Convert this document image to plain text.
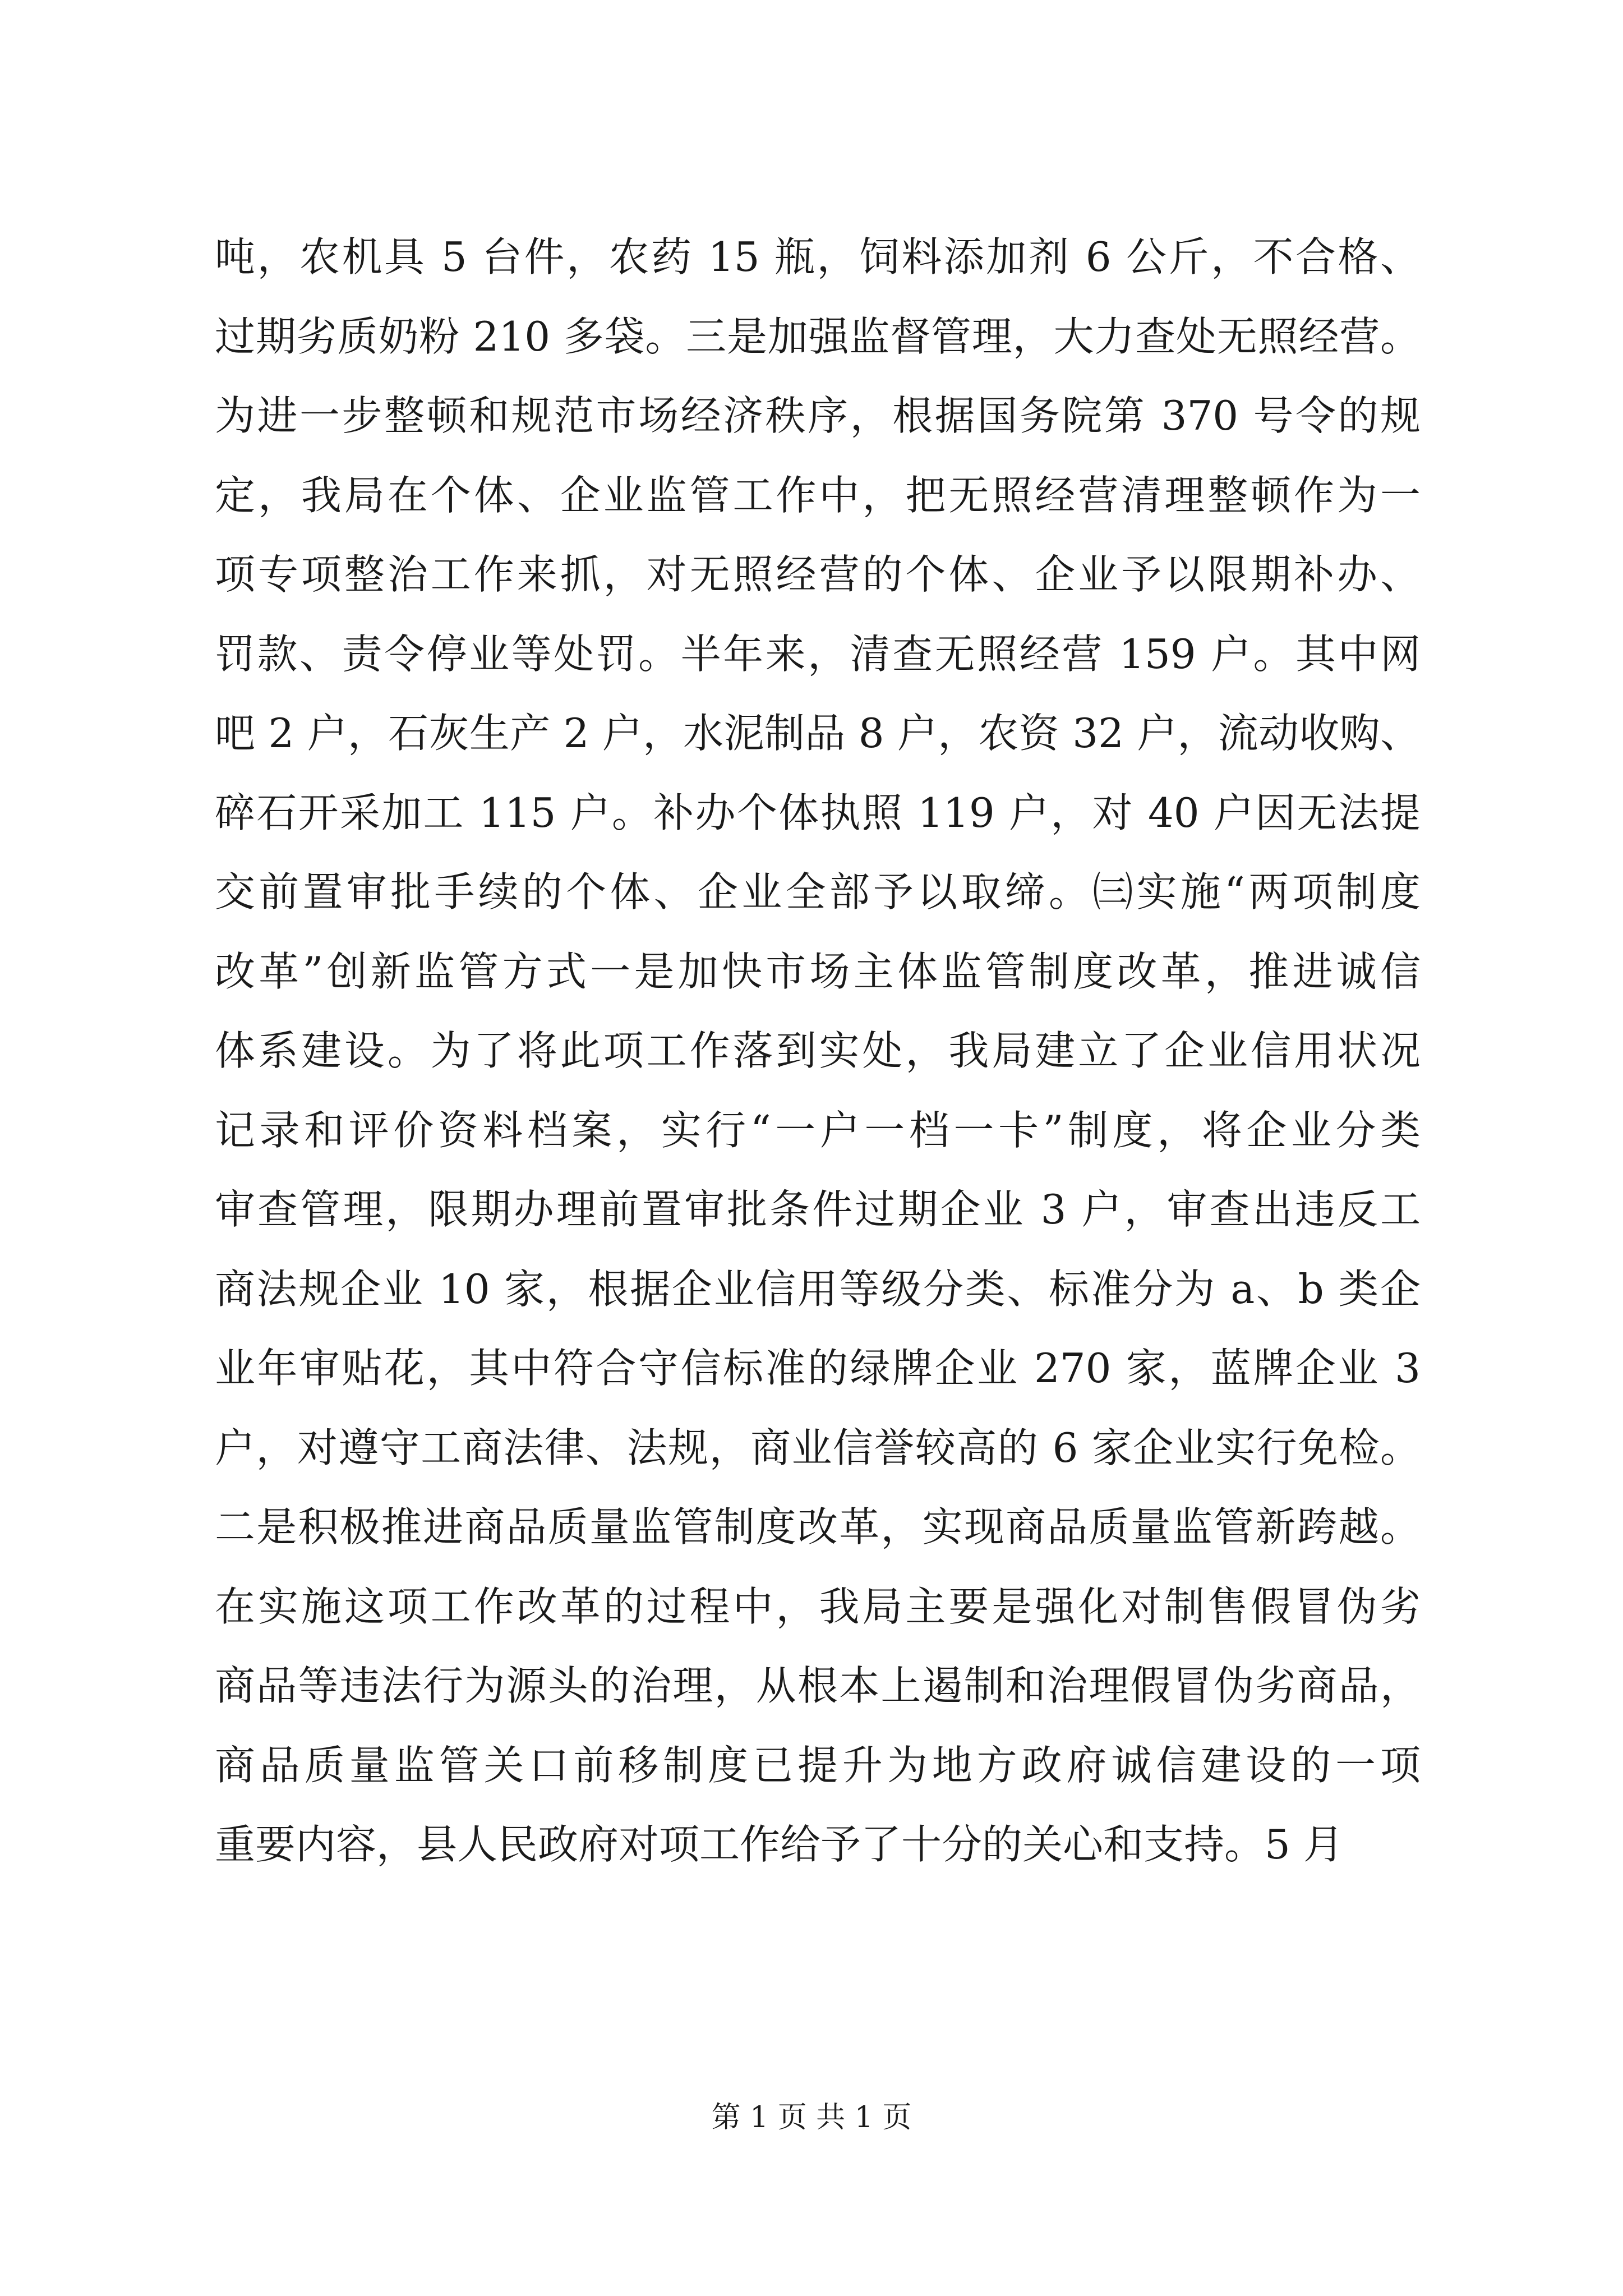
吨，农机具 5 台件，农药 15 瓶，饲料添加剂 6 公斤，不合格、
过期劣质奶粉 210 多袋。三是加强监督管理，大力查处无照经营。
为进一步整顿和规范市场经济秩序，根据国务院第 370 号令的规
定，我局在个体、企业监管工作中，把无照经营清理整顿作为一
项专项整治工作来抓，对无照经营的个体、企业予以限期补办、
罚款、责令停业等处罚。半年来，清查无照经营 159 户。其中网
吧 2 户，石灰生产 2 户，水泥制品 8 户，农资 32 户，流动收购、
碎石开采加工 115 户。补办个体执照 119 户，对 40 户因无法提
交前置审批手续的个体、企业全部予以取缔。㈢实施“两项制度
改革”创新监管方式一是加快市场主体监管制度改革，推进诚信
体系建设。为了将此项工作落到实处，我局建立了企业信用状况
记录和评价资料档案，实行“一户一档一卡”制度，将企业分类
审查管理，限期办理前置审批条件过期企业 3 户，审查出违反工
商法规企业 10 家，根据企业信用等级分类、标准分为 a、b 类企
业年审贴花，其中符合守信标准的绿牌企业 270 家，蓝牌企业 3
户，对遵守工商法律、法规，商业信誉较高的 6 家企业实行免检。
二是积极推进商品质量监管制度改革，实现商品质量监管新跨越。
在实施这项工作改革的过程中，我局主要是强化对制售假冒伪劣
商品等违法行为源头的治理，从根本上遏制和治理假冒伪劣商品，
商品质量监管关口前移制度已提升为地方政府诚信建设的一项
重要内容，县人民政府对项工作给予了十分的关心和支持。5 月
第 1 页 共 1 页
